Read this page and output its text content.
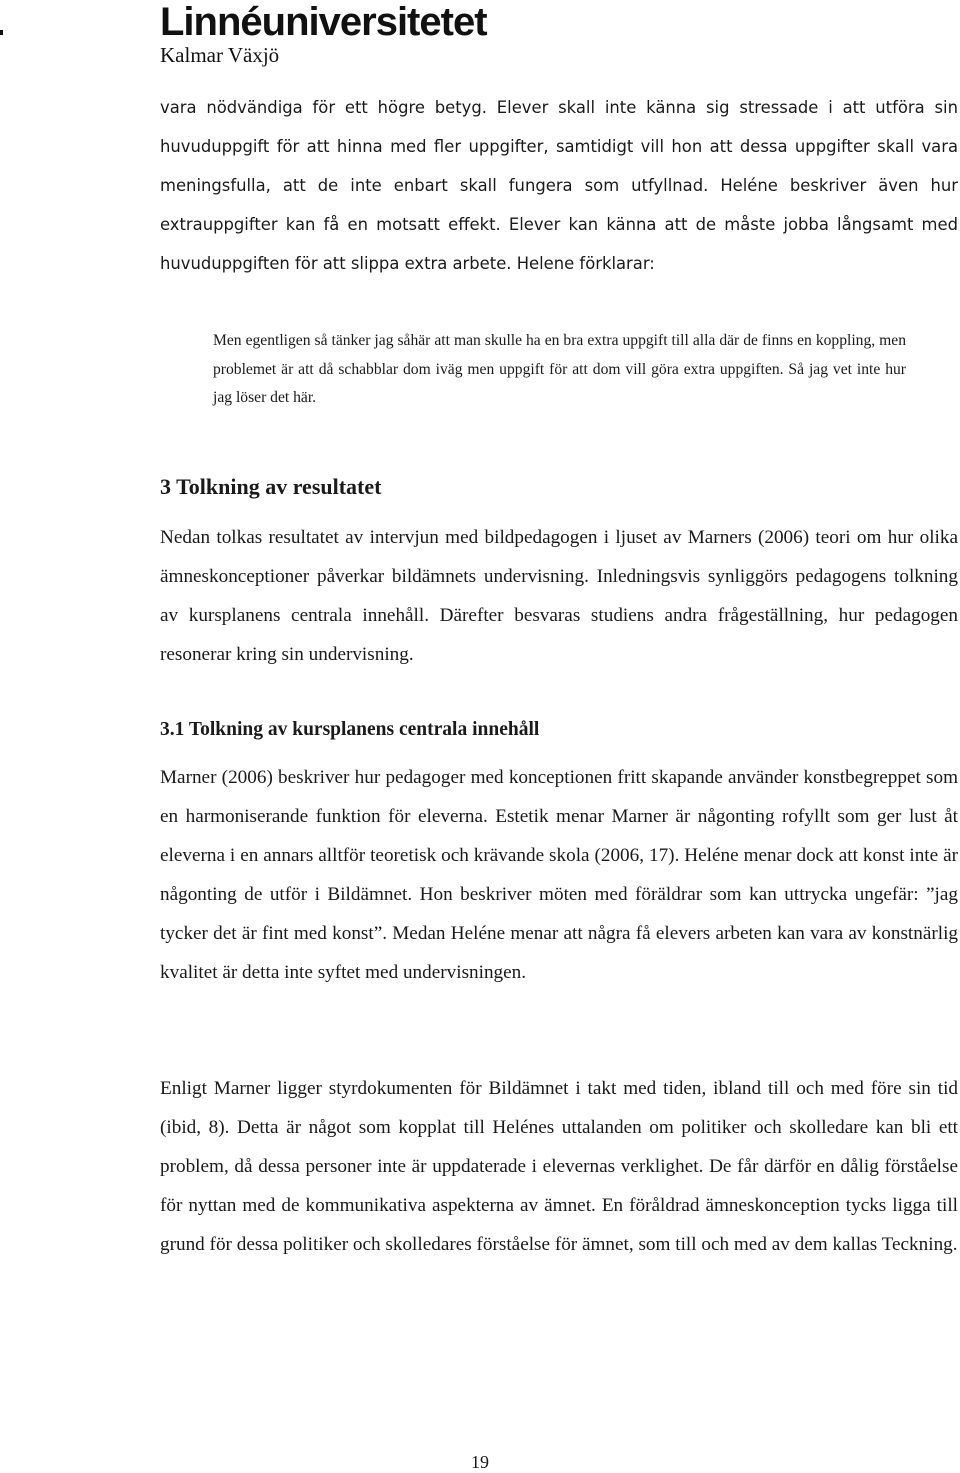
Linnéuniversitetet
Kalmar Växjö

vara nödvändiga för ett högre betyg. Elever skall inte känna sig stressade i att utföra sin huvuduppgift för att hinna med fler uppgifter, samtidigt vill hon att dessa uppgifter skall vara meningsfulla, att de inte enbart skall fungera som utfyllnad. Heléne beskriver även hur extrauppgifter kan få en motsatt effekt. Elever kan känna att de måste jobba långsamt med huvuduppgiften för att slippa extra arbete. Helene förklarar:

Men egentligen så tänker jag såhär att man skulle ha en bra extra uppgift till alla där de finns en koppling, men problemet är att då schabblar dom iväg men uppgift för att dom vill göra extra uppgiften. Så jag vet inte hur jag löser det här.

3 Tolkning av resultatet

Nedan tolkas resultatet av intervjun med bildpedagogen i ljuset av Marners (2006) teori om hur olika ämneskonceptioner påverkar bildämnets undervisning. Inledningsvis synliggörs pedagogens tolkning av kursplanens centrala innehåll. Därefter besvaras studiens andra frågeställning, hur pedagogen resonerar kring sin undervisning.

3.1 Tolkning av kursplanens centrala innehåll

Marner (2006) beskriver hur pedagoger med konceptionen fritt skapande använder konstbegreppet som en harmoniserande funktion för eleverna. Estetik menar Marner är någonting rofyllt som ger lust åt eleverna i en annars alltför teoretisk och krävande skola (2006, 17). Heléne menar dock att konst inte är någonting de utför i Bildämnet. Hon beskriver möten med föräldrar som kan uttrycka ungefär: ”jag tycker det är fint med konst”. Medan Heléne menar att några få elevers arbeten kan vara av konstnärlig kvalitet är detta inte syftet med undervisningen.

Enligt Marner ligger styrdokumenten för Bildämnet i takt med tiden, ibland till och med före sin tid (ibid, 8). Detta är något som kopplat till Helénes uttalanden om politiker och skolledare kan bli ett problem, då dessa personer inte är uppdaterade i elevernas verklighet. De får därför en dålig förståelse för nyttan med de kommunikativa aspekterna av ämnet. En föråldrad ämneskonception tycks ligga till grund för dessa politiker och skolledares förståelse för ämnet, som till och med av dem kallas Teckning.

19
